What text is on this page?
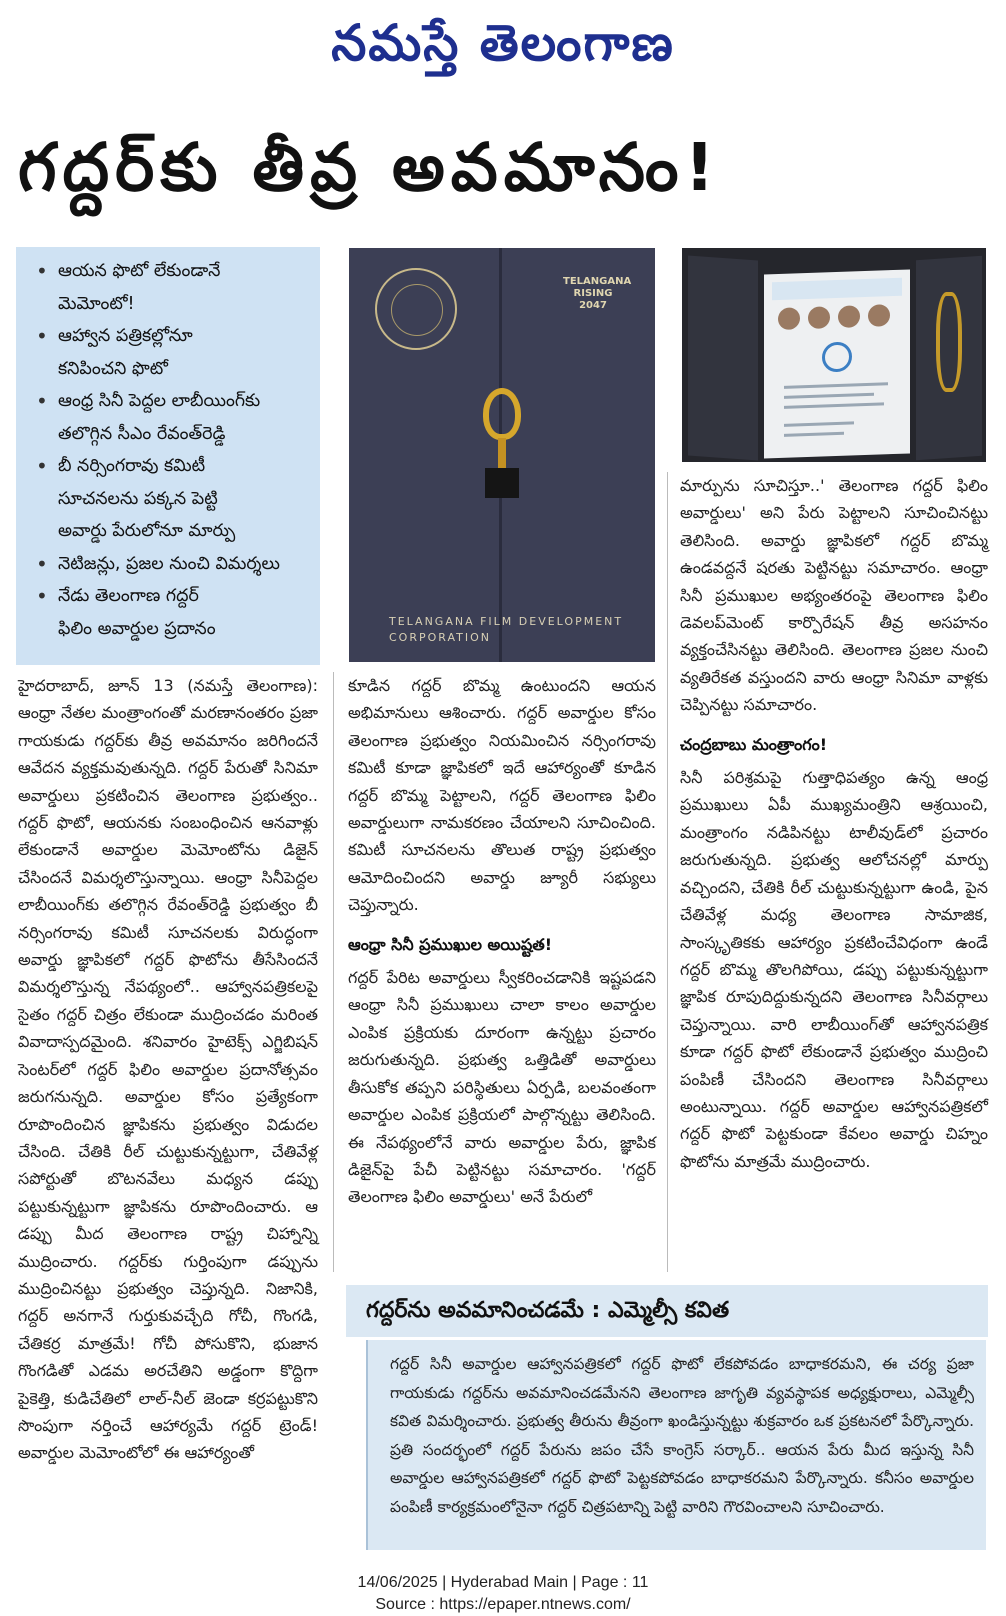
నమస్తే తెలంగాణ
గద్దర్‌కు తీవ్ర అవమానం!
• ఆయన ఫొటో లేకుండానే
మెమోంటో!
• ఆహ్వాన పత్రికల్లోనూ
కనిపించని ఫొటో
• ఆంధ్ర సినీ పెద్దల లాబీయింగ్‌కు
తలొగ్గిన సీఎం రేవంత్‌రెడ్డి
• బీ నర్సింగరావు కమిటీ
సూచనలను పక్కన పెట్టి
అవార్డు పేరులోనూ మార్పు
• నెటిజన్లు, ప్రజల నుంచి విమర్శలు
• నేడు తెలంగాణ గద్దర్
ఫిలిం అవార్డుల ప్రదానం
TELANGANA RISING 2047
TELANGANA FILM DEVELOPMENT CORPORATION

హైదరాబాద్, జూన్ 13 (నమస్తే తెలంగాణ): ఆంధ్రా నేతల మంత్రాంగంతో మరణానంతరం ప్రజా గాయకుడు గద్దర్‌కు తీవ్ర అవమానం జరిగిందనే ఆవేదన వ్యక్తమవుతున్నది. గద్దర్ పేరుతో సినిమా అవార్డులు ప్రకటించిన తెలంగాణ ప్రభుత్వం.. గద్దర్ ఫొటో, ఆయనకు సంబంధించిన ఆనవాళ్లు లేకుండానే అవార్డుల మెమోంటోను డిజైన్ చేసిందనే విమర్శలొస్తున్నాయి. ఆంధ్రా సినీపెద్దల లాబీయింగ్‌కు తలొగ్గిన రేవంత్‌రెడ్డి ప్రభుత్వం బీ నర్సింగరావు కమిటీ సూచనలకు విరుద్ధంగా అవార్డు జ్ఞాపికలో గద్దర్ ఫొటోను తీసేసిందనే విమర్శలొస్తున్న నేపథ్యంలో.. ఆహ్వానపత్రికలపై సైతం గద్దర్ చిత్రం లేకుండా ముద్రించడం మరింత వివాదాస్పదమైంది. శనివారం హైటెక్స్ ఎగ్జిబిషన్ సెంటర్‌లో గద్దర్ ఫిలిం అవార్డుల ప్రదానోత్సవం జరుగనున్నది. అవార్డుల కోసం ప్రత్యేకంగా రూపొందించిన జ్ఞాపికను ప్రభుత్వం విడుదల చేసింది. చేతికి రీల్ చుట్టుకున్నట్టుగా, చేతివేళ్ల సపోర్టుతో బొటనవేలు మధ్యన డప్పు పట్టుకున్నట్టుగా జ్ఞాపికను రూపొందించారు. ఆ డప్పు మీద తెలంగాణ రాష్ట్ర చిహ్నాన్ని ముద్రించారు. గద్దర్‌కు గుర్తింపుగా డప్పును ముద్రించినట్టు ప్రభుత్వం చెప్తున్నది. నిజానికి, గద్దర్ అనగానే గుర్తుకువచ్చేది గోచీ, గొంగడి, చేతికర్ర మాత్రమే! గోచీ పోసుకొని, భుజాన గొంగడితో ఎడమ అరచేతిని అడ్డంగా కొద్దిగా పైకెత్తి, కుడిచేతిలో లాల్-నీల్ జెండా కర్రపట్టుకొని సొంపుగా నర్తించే ఆహార్యమే గద్దర్ ట్రెండ్! అవార్డుల మెమోంటోలో ఈ ఆహార్యంతో

కూడిన గద్దర్ బొమ్మ ఉంటుందని ఆయన అభిమానులు ఆశించారు. గద్దర్ అవార్డుల కోసం తెలంగాణ ప్రభుత్వం నియమించిన నర్సింగరావు కమిటీ కూడా జ్ఞాపికలో ఇదే ఆహార్యంతో కూడిన గద్దర్ బొమ్మ పెట్టాలని, గద్దర్ తెలంగాణ ఫిలిం అవార్డులుగా నామకరణం చేయాలని సూచించింది. కమిటీ సూచనలను తొలుత రాష్ట్ర ప్రభుత్వం ఆమోదించిందని అవార్డు జ్యూరీ సభ్యులు చెప్తున్నారు.

ఆంధ్రా సినీ ప్రముఖుల అయిష్టత!

గద్దర్ పేరిట అవార్డులు స్వీకరించడానికి ఇష్టపడని ఆంధ్రా సినీ ప్రముఖులు చాలా కాలం అవార్డుల ఎంపిక ప్రక్రియకు దూరంగా ఉన్నట్టు ప్రచారం జరుగుతున్నది. ప్రభుత్వ ఒత్తిడితో అవార్డులు తీసుకోక తప్పని పరిస్థితులు ఏర్పడి, బలవంతంగా అవార్డుల ఎంపిక ప్రక్రియలో పాల్గొన్నట్టు తెలిసింది. ఈ నేపథ్యంలోనే వారు అవార్డుల పేరు, జ్ఞాపిక డిజైన్‌పై పేచీ పెట్టినట్టు సమాచారం. 'గద్దర్ తెలంగాణ ఫిలిం అవార్డులు' అనే పేరులో

మార్పును సూచిస్తూ..' తెలంగాణ గద్దర్ ఫిలిం అవార్డులు' అని పేరు పెట్టాలని సూచించినట్టు తెలిసింది. అవార్డు జ్ఞాపికలో గద్దర్ బొమ్మ ఉండవద్దనే షరతు పెట్టినట్టు సమాచారం. ఆంధ్రా సినీ ప్రముఖుల అభ్యంతరంపై తెలంగాణ ఫిలిం డెవలప్‌మెంట్ కార్పొరేషన్ తీవ్ర అసహనం వ్యక్తంచేసినట్టు తెలిసింది. తెలంగాణ ప్రజల నుంచి వ్యతిరేకత వస్తుందని వారు ఆంధ్రా సినిమా వాళ్లకు చెప్పినట్టు సమాచారం.

చంద్రబాబు మంత్రాంగం!

సినీ పరిశ్రమపై గుత్తాధిపత్యం ఉన్న ఆంధ్ర ప్రముఖులు ఏపీ ముఖ్యమంత్రిని ఆశ్రయించి, మంత్రాంగం నడిపినట్టు టాలీవుడ్‌లో ప్రచారం జరుగుతున్నది. ప్రభుత్వ ఆలోచనల్లో మార్పు వచ్చిందని, చేతికి రీల్ చుట్టుకున్నట్టుగా ఉండి, పైన చేతివేళ్ల మధ్య తెలంగాణ సామాజిక, సాంస్కృతికకు ఆహార్యం ప్రకటించేవిధంగా ఉండే గద్దర్ బొమ్మ తొలగిపోయి, డప్పు పట్టుకున్నట్టుగా జ్ఞాపిక రూపుదిద్దుకున్నదని తెలంగాణ సినీవర్గాలు చెప్తున్నాయి. వారి లాబీయింగ్‌తో ఆహ్వానపత్రిక కూడా గద్దర్ ఫొటో లేకుండానే ప్రభుత్వం ముద్రించి పంపిణీ చేసిందని తెలంగాణ సినీవర్గాలు అంటున్నాయి. గద్దర్ అవార్డుల ఆహ్వానపత్రికలో గద్దర్ ఫొటో పెట్టకుండా కేవలం అవార్డు చిహ్నం ఫొటోను మాత్రమే ముద్రించారు.

గద్దర్‌ను అవమానించడమే : ఎమ్మెల్సీ కవిత
గద్దర్ సినీ అవార్డుల ఆహ్వానపత్రికలో గద్దర్ ఫొటో లేకపోవడం బాధాకరమని, ఈ చర్య ప్రజా గాయకుడు గద్దర్‌ను అవమానించడమేనని తెలంగాణ జాగృతి వ్యవస్థాపక అధ్యక్షురాలు, ఎమ్మెల్సీ కవిత విమర్శించారు. ప్రభుత్వ తీరును తీవ్రంగా ఖండిస్తున్నట్టు శుక్రవారం ఒక ప్రకటనలో పేర్కొన్నారు. ప్రతి సందర్భంలో గద్దర్ పేరును జపం చేసే కాంగ్రెస్ సర్కార్.. ఆయన పేరు మీద ఇస్తున్న సినీ అవార్డుల ఆహ్వానపత్రికలో గద్దర్ ఫొటో పెట్టకపోవడం బాధాకరమని పేర్కొన్నారు. కనీసం అవార్డుల పంపిణీ కార్యక్రమంలోనైనా గద్దర్ చిత్రపటాన్ని పెట్టి వారిని గౌరవించాలని సూచించారు.
14/06/2025 | Hyderabad Main | Page : 11
Source : https://epaper.ntnews.com/
